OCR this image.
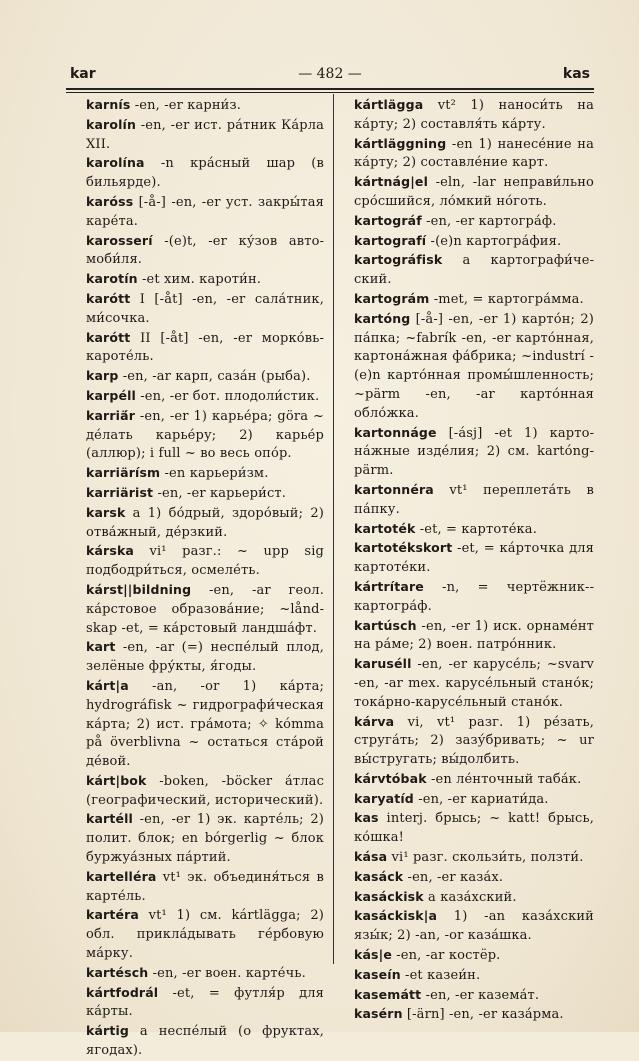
kar	— 482 —	kas

karnís -en, -er карни́з.

karolín -en, -er ист. ра́тник Ка́рла XII.

karolína -n кра́сный шар (в бильярде).

karóss [-å-] -en, -er уст. закры́тая каре́та.

karosserí -(e)t, -er ку́зов автомоби́ля.

karotín -et хим. кароти́н.

karótt I [-åt] -en, -er сала́тник, ми́сочка.

karótt II [-åt] -en, -er морко́вь-кароте́ль.

karp -en, -ar карп, саза́н (рыба).

karpéll -en, -er бот. плодоли́стик.

karriä́r -en, -er 1) карье́ра; göra ~ де́лать карье́ру; 2) карье́р (аллюр); i full ~ во весь опо́р.

karriärísm -en карьери́зм.

karriärist -en, -er карьери́ст.

karsk a 1) бо́дрый, здоро́вый; 2) отва́жный, де́рзкий.

kárska vi¹ разг.: ~ upp sig подбодри́ться, осмеле́ть.

kárst||bildning -en, -ar геол. ка́рстовое образова́ние; ~låndskap -et, = ка́рстовый ландша́фт.

kart -en, -ar (=) неспе́лый плод, зелёные фру́кты, я́годы.

kárt|a -an, -or 1) ка́рта; hydrográfisk ~ гидрографи́ческая ка́рта; 2) ист. гра́мота; ✧ kómma på överblivna ~ остаться ста́рой де́вой.

kárt|bok -boken, -böcker а́тлас (географический, исторический).

kartéll -en, -er 1) эк. карте́ль; 2) полит. блок; en bórgerlig ~ блок буржуа́зных па́ртий.

kartelléra vt¹ эк. объединя́ться в карте́ль.

kartéra vt¹ 1) см. kártlägga; 2) обл. приклáдывать ге́рбовую ма́рку.

kartésch -en, -er воен. карте́чь.

kártfodrál -et, = футля́р для ка́рты.

kártig a неспе́лый (о фруктах, ягодах).

kártlägga vt² 1) наноси́ть на ка́рту; 2) составля́ть ка́рту.

kártläggning -en 1) нанесе́ние на ка́рту; 2) составле́ние карт.

kártnág|el -eln, -lar неправи́льно сро́сшийся, ло́мкий но́готь.

kartográf -en, -er картогра́ф.

kartografí -(e)n картогра́фия.

kartográfisk a картографи́ческий.

kartográm -met, = картогра́мма.

kartóng [-å-] -en, -er 1) карто́н; 2) па́пка; ~fabrík -en, -er карто́нная, картона́жная фа́брика; ~industrí -(e)n карто́нная промы́шленность; ~pärm -en, -ar карто́нная обло́жка.

kartonnáge [-ásj] -et 1) картона́жные изде́лия; 2) см. kartóngpärm.

kartonnéra vt¹ переплета́ть в па́пку.

kartoték -et, = картоте́ка.

kartotékskort -et, = ка́рточка для картоте́ки.

kártrítare -n, = чертёжник-картогра́ф.

kartúsch -en, -er 1) иск. орнаме́нт на ра́ме; 2) воен. патро́нник.

karuséll -en, -er карусе́ль; ~svarv -en, -ar mex. карусе́льный стано́к; тока́рно-карусе́льный стано́к.

kárva vi, vt¹ разг. 1) ре́зать, струга́ть; 2) зазу́бривать; ~ ur вы́стругать; вы́долбить.

kárvtóbak -en ле́нточный таба́к.

karyatíd -en, -er кариати́да.

kas interj. брысь; ~ katt! брысь, ко́шка!

kása vi¹ разг. скользи́ть, ползти́.

kasáck -en, -er каза́х.

kasáckisk a каза́хский.

kasáckisk|a 1) -an каза́хский язы́к; 2) -an, -or каза́шка.

kás|e -en, -ar костёр.

kaseín -et казеи́н.

kasemátt -en, -er казема́т.

kasérn [-ärn] -en, -er каза́рма.
